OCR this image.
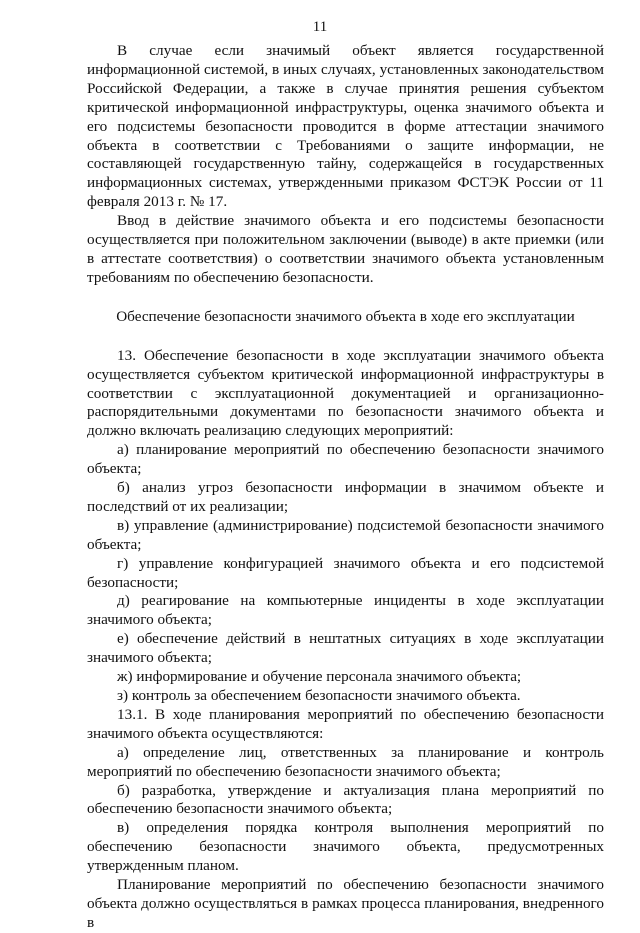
11

В случае если значимый объект является государственной информационной системой, в иных случаях, установленных законодательством Российской Федерации, а также в случае принятия решения субъектом критической информационной инфраструктуры, оценка значимого объекта и его подсистемы безопасности проводится в форме аттестации значимого объекта в соответствии с Требованиями о защите информации, не составляющей государственную тайну, содержащейся в государственных информационных системах, утвержденными приказом ФСТЭК России от 11 февраля 2013 г. № 17.

Ввод в действие значимого объекта и его подсистемы безопасности осуществляется при положительном заключении (выводе) в акте приемки (или в аттестате соответствия) о соответствии значимого объекта установленным требованиям по обеспечению безопасности.

Обеспечение безопасности значимого объекта в ходе его эксплуатации

13. Обеспечение безопасности в ходе эксплуатации значимого объекта осуществляется субъектом критической информационной инфраструктуры в соответствии с эксплуатационной документацией и организационно-распорядительными документами по безопасности значимого объекта и должно включать реализацию следующих мероприятий:

а) планирование мероприятий по обеспечению безопасности значимого объекта;

б) анализ угроз безопасности информации в значимом объекте и последствий от их реализации;

в) управление (администрирование) подсистемой безопасности значимого объекта;

г) управление конфигурацией значимого объекта и его подсистемой безопасности;

д) реагирование на компьютерные инциденты в ходе эксплуатации значимого объекта;

е) обеспечение действий в нештатных ситуациях в ходе эксплуатации значимого объекта;

ж) информирование и обучение персонала значимого объекта;

з) контроль за обеспечением безопасности значимого объекта.

13.1. В ходе планирования мероприятий по обеспечению безопасности значимого объекта осуществляются:

а) определение лиц, ответственных за планирование и контроль мероприятий по обеспечению безопасности значимого объекта;

б) разработка, утверждение и актуализация плана мероприятий по обеспечению безопасности значимого объекта;

в) определения порядка контроля выполнения мероприятий по обеспечению безопасности значимого объекта, предусмотренных утвержденным планом.

Планирование мероприятий по обеспечению безопасности значимого объекта должно осуществляться в рамках процесса планирования, внедренного в
